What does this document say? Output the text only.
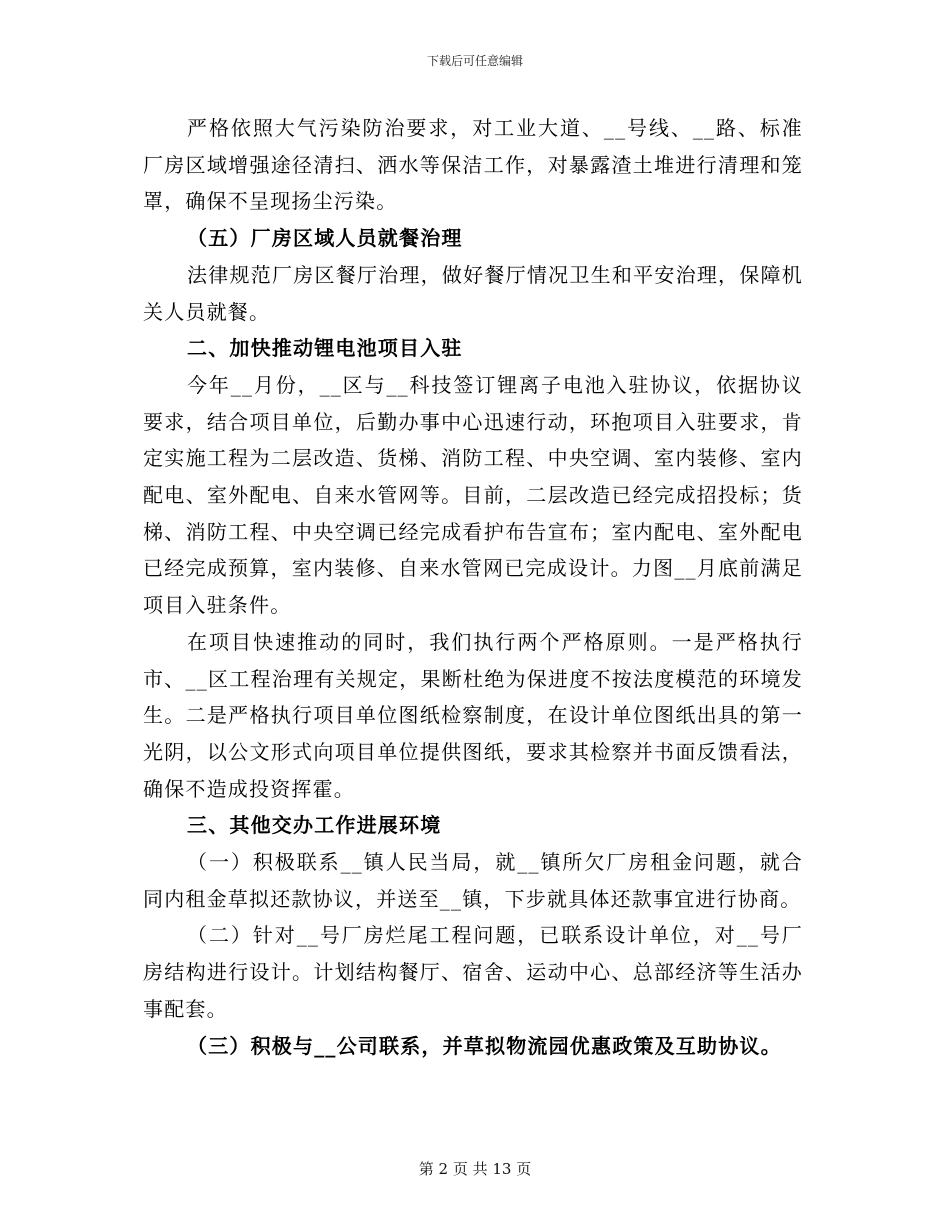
下载后可任意编辑

严格依照大气污染防治要求，对工业大道、__号线、__路、标准厂房区域增强途径清扫、洒水等保洁工作，对暴露渣土堆进行清理和笼罩，确保不呈现扬尘污染。

（五）厂房区域人员就餐治理

法律规范厂房区餐厅治理，做好餐厅情况卫生和平安治理，保障机关人员就餐。

二、加快推动锂电池项目入驻

今年__月份，__区与__科技签订锂离子电池入驻协议，依据协议要求，结合项目单位，后勤办事中心迅速行动，环抱项目入驻要求，肯定实施工程为二层改造、货梯、消防工程、中央空调、室内装修、室内配电、室外配电、自来水管网等。目前，二层改造已经完成招投标；货梯、消防工程、中央空调已经完成看护布告宣布；室内配电、室外配电已经完成预算，室内装修、自来水管网已完成设计。力图__月底前满足项目入驻条件。

在项目快速推动的同时，我们执行两个严格原则。一是严格执行市、__区工程治理有关规定，果断杜绝为保进度不按法度模范的环境发生。二是严格执行项目单位图纸检察制度，在设计单位图纸出具的第一光阴，以公文形式向项目单位提供图纸，要求其检察并书面反馈看法，确保不造成投资挥霍。

三、其他交办工作进展环境

（一）积极联系__镇人民当局，就__镇所欠厂房租金问题，就合同内租金草拟还款协议，并送至__镇，下步就具体还款事宜进行协商。

（二）针对__号厂房烂尾工程问题，已联系设计单位，对__号厂房结构进行设计。计划结构餐厅、宿舍、运动中心、总部经济等生活办事配套。

（三）积极与__公司联系，并草拟物流园优惠政策及互助协议。

第 2 页 共 13 页
